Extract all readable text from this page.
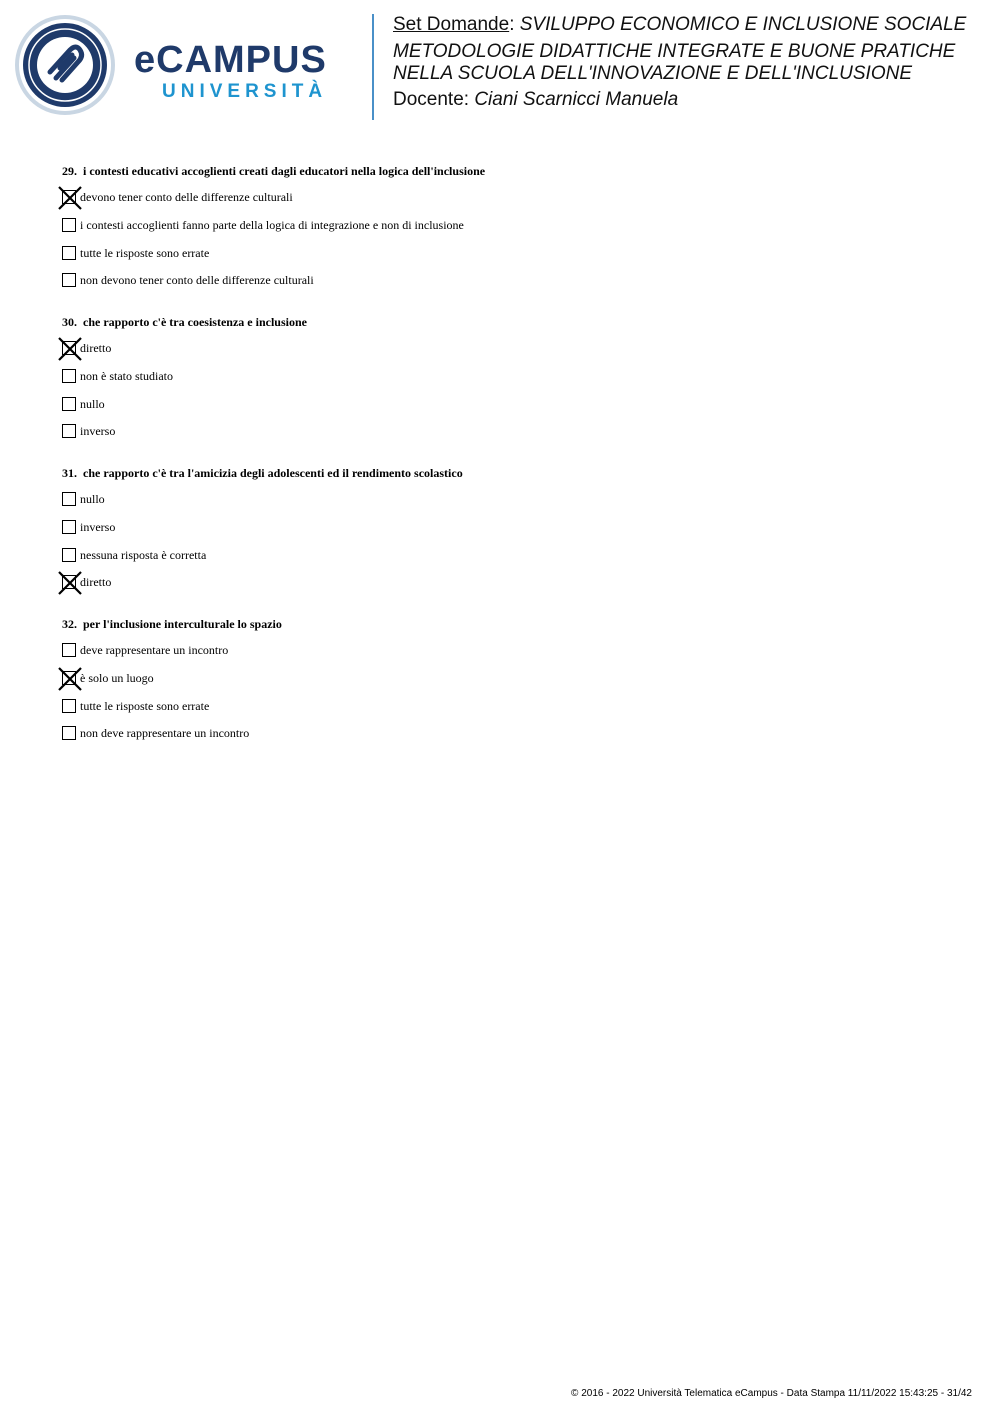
eCAMPUS
UNIVERSITÀ
Set Domande: SVILUPPO ECONOMICO E INCLUSIONE SOCIALE
METODOLOGIE DIDATTICHE INTEGRATE E BUONE PRATICHE
NELLA SCUOLA DELL'INNOVAZIONE E DELL'INCLUSIONE
Docente: Ciani Scarnicci Manuela
29. i contesti educativi accoglienti creati dagli educatori nella logica dell'inclusione
devono tener conto delle differenze culturali
i contesti accoglienti fanno parte della logica di integrazione e non di inclusione
tutte le risposte sono errate
non devono tener conto delle differenze culturali
30. che rapporto c'è tra coesistenza e inclusione
diretto
non è stato studiato
nullo
inverso
31. che rapporto c'è tra l'amicizia degli adolescenti ed il rendimento scolastico
nullo
inverso
nessuna risposta è corretta
diretto
32. per l'inclusione interculturale lo spazio
deve rappresentare un incontro
è solo un luogo
tutte le risposte sono errate
non deve rappresentare un incontro
© 2016 - 2022 Università Telematica eCampus - Data Stampa 11/11/2022 15:43:25 - 31/42
